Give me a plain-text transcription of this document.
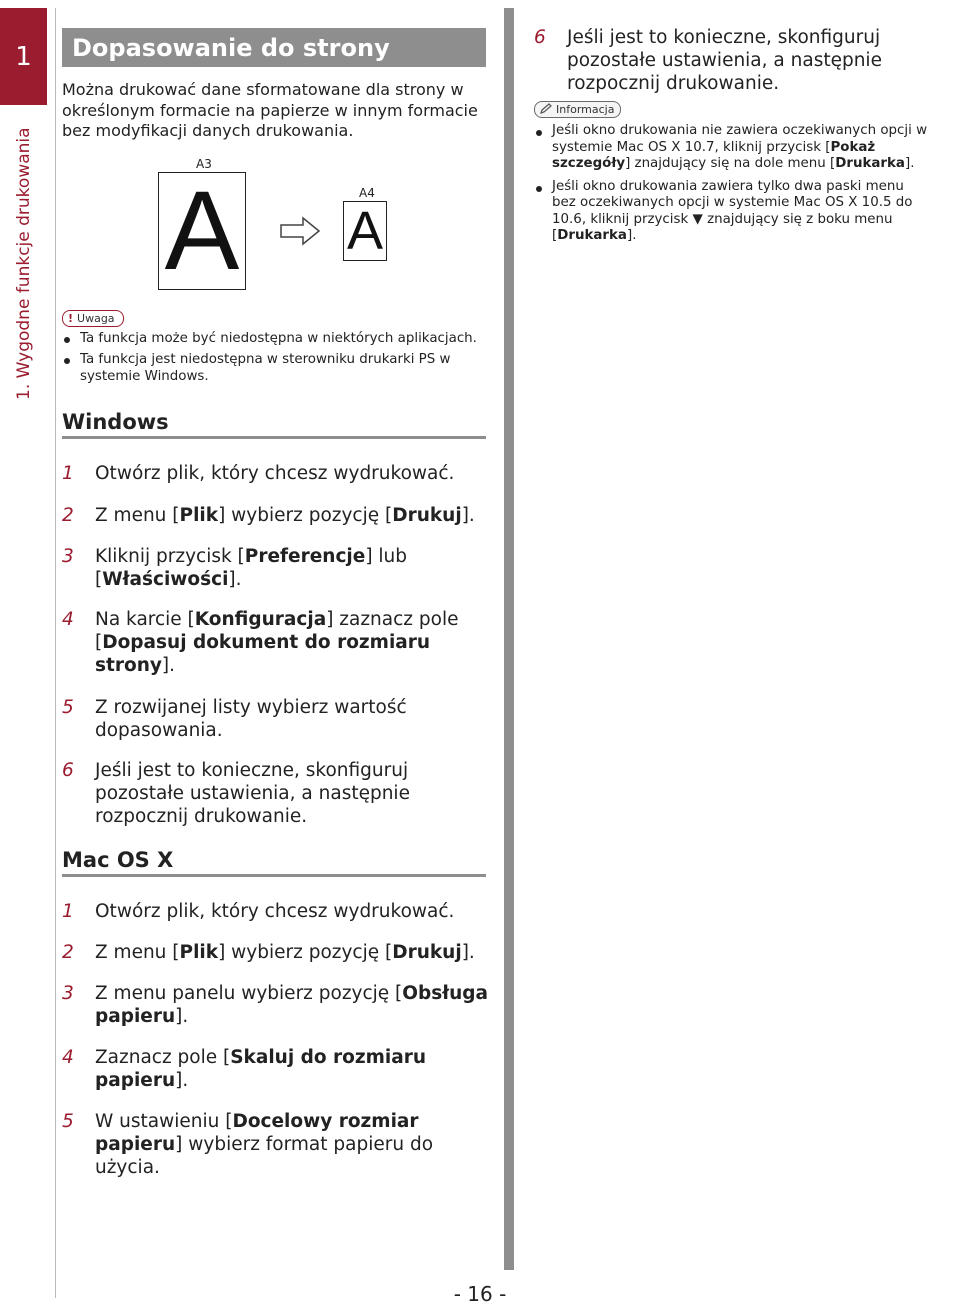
1
1. Wygodne funkcje drukowania
Dopasowanie do strony
Można drukować dane sformatowane dla strony w określonym formacie na papierze w innym formacie bez modyfikacji danych drukowania.
A3
A	A4
A
! Uwaga
Ta funkcja może być niedostępna w niektórych aplikacjach.
Ta funkcja jest niedostępna w sterowniku drukarki PS w systemie Windows.
Windows
1	Otwórz plik, który chcesz wydrukować.
2	Z menu [Plik] wybierz pozycję [Drukuj].
3	Kliknij przycisk [Preferencje] lub [Właściwości].
4	Na karcie [Konfiguracja] zaznacz pole [Dopasuj dokument do rozmiaru strony].
5	Z rozwijanej listy wybierz wartość dopasowania.
6	Jeśli jest to konieczne, skonfiguruj pozostałe ustawienia, a następnie rozpocznij drukowanie.
Mac OS X
1	Otwórz plik, który chcesz wydrukować.
2	Z menu [Plik] wybierz pozycję [Drukuj].
3	Z menu panelu wybierz pozycję [Obsługa papieru].
4	Zaznacz pole [Skaluj do rozmiaru papieru].
5	W ustawieniu [Docelowy rozmiar papieru] wybierz format papieru do użycia.
6	Jeśli jest to konieczne, skonfiguruj pozostałe ustawienia, a następnie rozpocznij drukowanie.
Informacja
Jeśli okno drukowania nie zawiera oczekiwanych opcji w systemie Mac OS X 10.7, kliknij przycisk [Pokaż szczegóły] znajdujący się na dole menu [Drukarka].
Jeśli okno drukowania zawiera tylko dwa paski menu bez oczekiwanych opcji w systemie Mac OS X 10.5 do 10.6, kliknij przycisk ▼ znajdujący się z boku menu [Drukarka].
- 16 -
